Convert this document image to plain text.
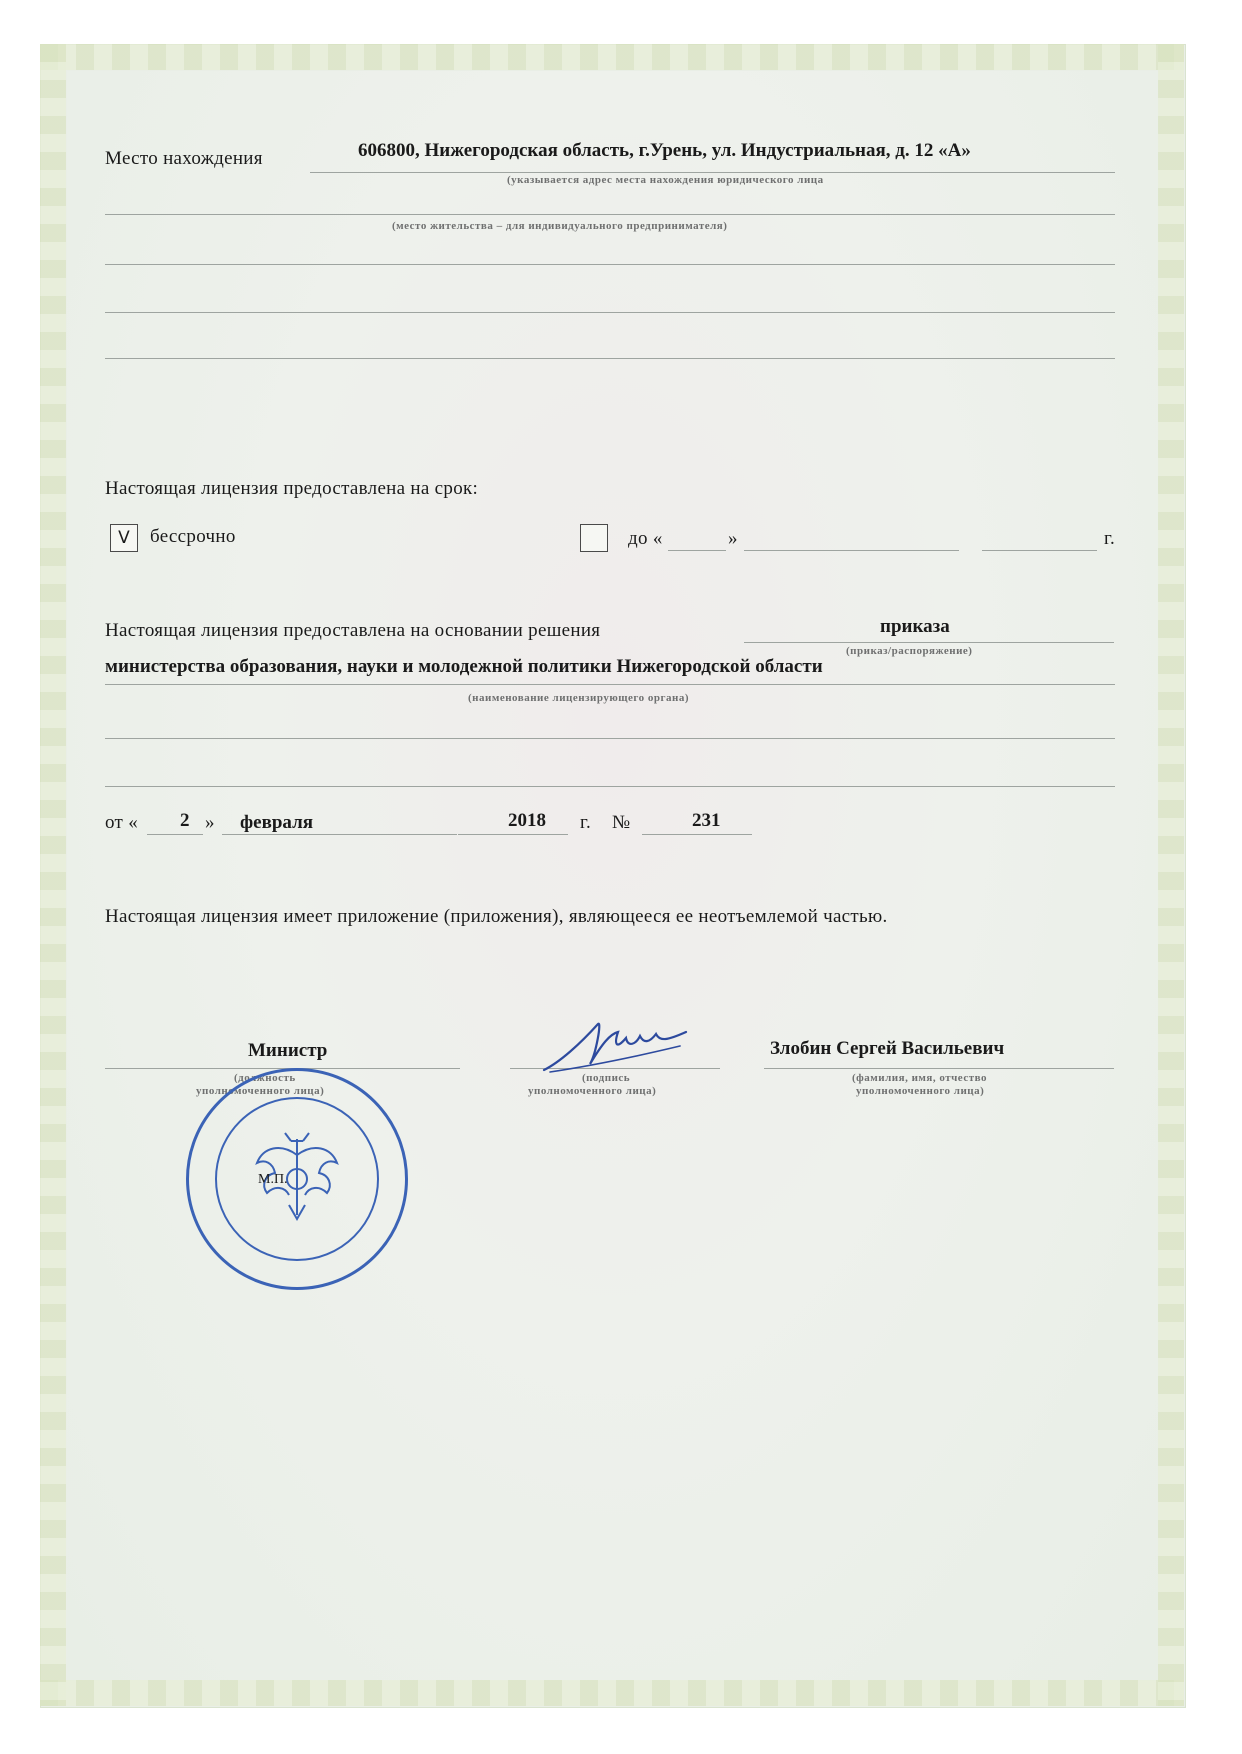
Место нахождения	606800, Нижегородская область, г.Урень, ул. Индустриальная, д. 12 «А»
(указывается адрес места нахождения юридического лица
(место жительства – для индивидуального предпринимателя)
Настоящая лицензия предоставлена на срок:
V	бессрочно	до «	»	г.
Настоящая лицензия предоставлена на основании решения	приказа
(приказ/распоряжение)
министерства образования, науки и молодежной политики Нижегородской области
(наименование лицензирующего органа)
от « 2 » февраля	2018 г. №	231
Настоящая лицензия имеет приложение (приложения), являющееся ее неотъемлемой частью.
Министр
(должность
уполномоченного лица)
(подпись
уполномоченного лица)
Злобин Сергей Васильевич
(фамилия, имя, отчество
уполномоченного лица)
М.П.
